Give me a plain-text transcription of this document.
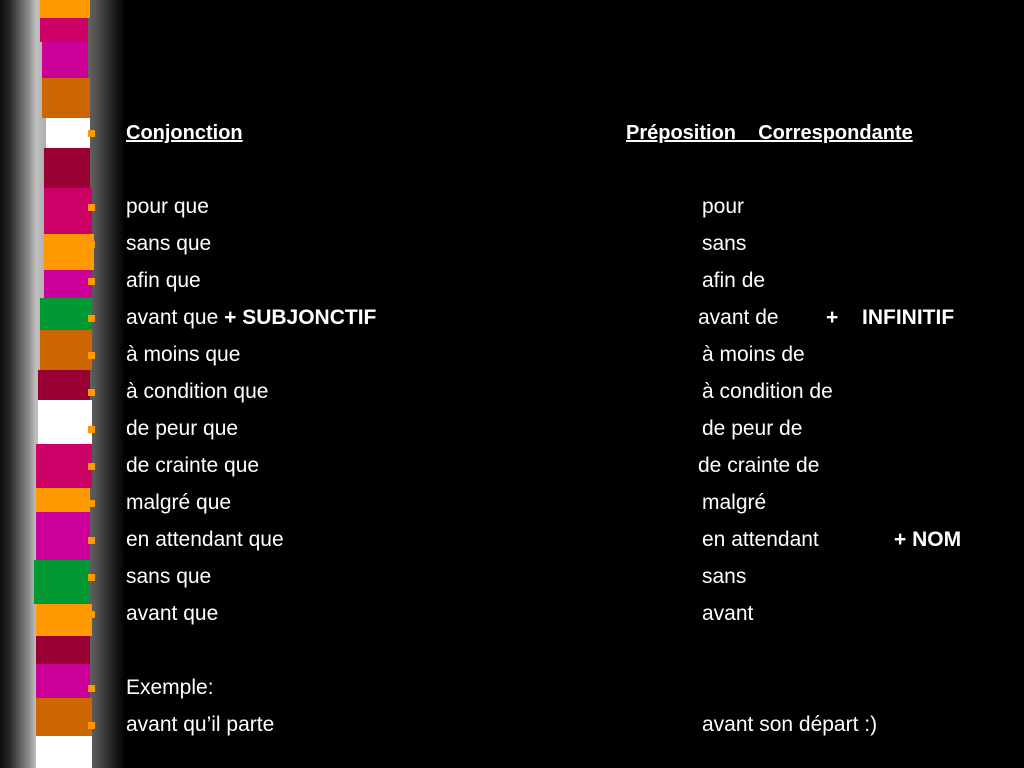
Conjonction	Préposition    Correspondante
pour que	pour
sans que	sans
afin que	afin de
avant que + SUBJONCTIF	avant de + INFINITIF
à moins que	à moins de
à condition que	à condition de
de peur que	de peur de
de crainte que	de crainte de
malgré que	malgré
en attendant que	en attendant	+ NOM
sans que	sans
avant que	avant
Exemple:
avant qu’il parte	avant son départ :)
